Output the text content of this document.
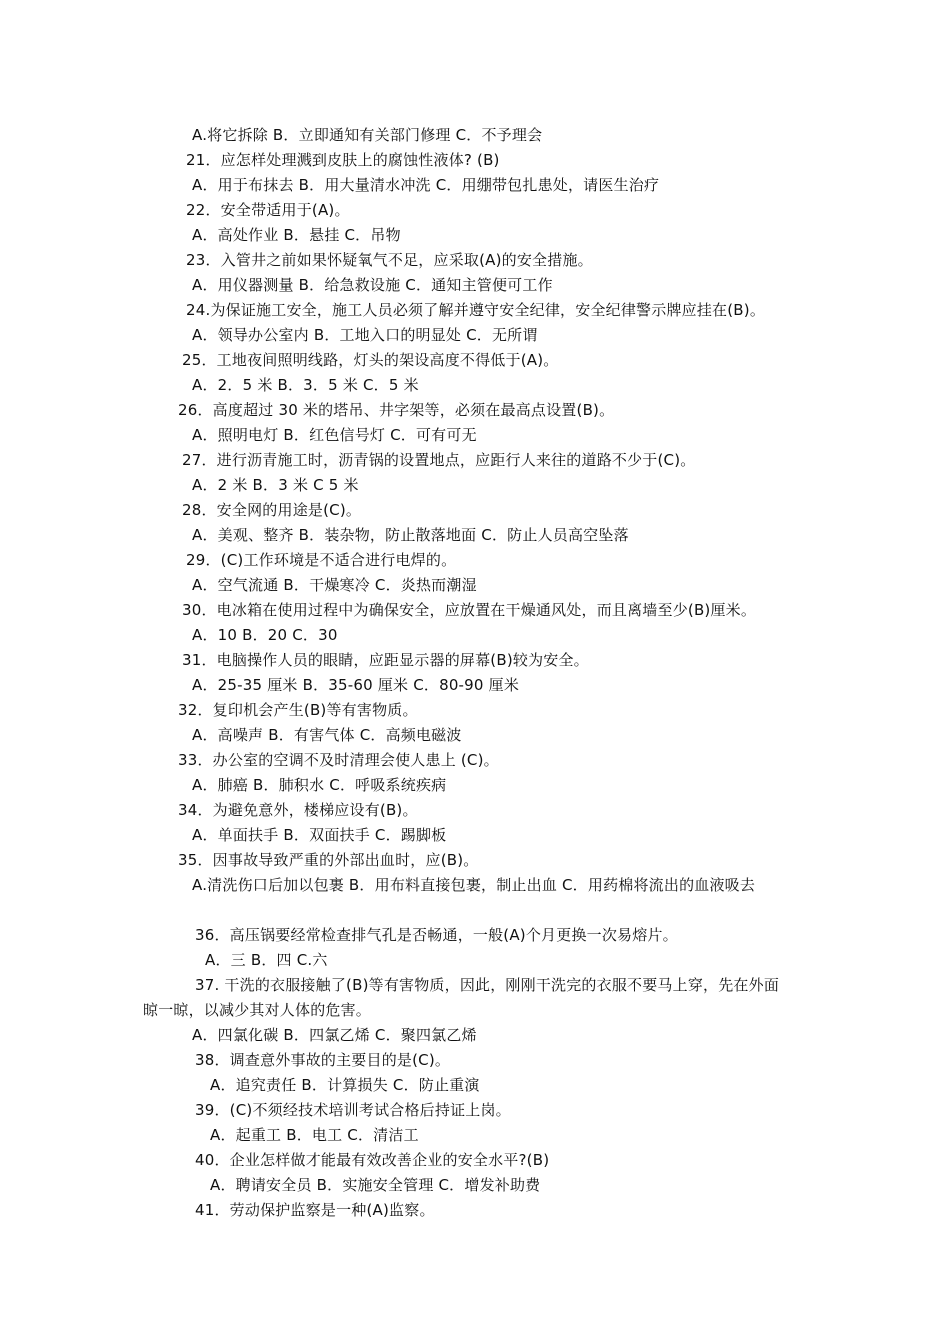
A.将它拆除 B．立即通知有关部门修理 C．不予理会
21．应怎样处理溅到皮肤上的腐蚀性液体? (B)
A．用于布抹去 B．用大量清水冲洗 C．用绷带包扎患处，请医生治疗
22．安全带适用于(A)。
A．高处作业 B．悬挂 C．吊物
23．入管井之前如果怀疑氧气不足，应采取(A)的安全措施。
A．用仪器测量 B．给急救设施 C．通知主管便可工作
24.为保证施工安全，施工人员必须了解并遵守安全纪律，安全纪律警示牌应挂在(B)。
A．领导办公室内 B．工地入口的明显处 C．无所谓
25．工地夜间照明线路，灯头的架设高度不得低于(A)。
A．2．5 米 B．3．5 米 C．5 米
26．高度超过 30 米的塔吊、井字架等，必须在最高点设置(B)。
A．照明电灯 B．红色信号灯 C．可有可无
27．进行沥青施工时，沥青锅的设置地点，应距行人来往的道路不少于(C)。
A．2 米 B．3 米 C 5 米
28．安全网的用途是(C)。
A．美观、整齐 B．装杂物，防止散落地面 C．防止人员高空坠落
29．(C)工作环境是不适合进行电焊的。
A．空气流通 B．干燥寒冷 C．炎热而潮湿
30．电冰箱在使用过程中为确保安全，应放置在干燥通风处，而且离墙至少(B)厘米。
A．10 B．20 C．30
31．电脑操作人员的眼睛，应距显示器的屏幕(B)较为安全。
A．25-35 厘米 B．35-60 厘米 C．80-90 厘米
32．复印机会产生(B)等有害物质。
A．高噪声 B．有害气体 C．高频电磁波
33．办公室的空调不及时清理会使人患上 (C)。
A．肺癌 B．肺积水 C．呼吸系统疾病
34．为避免意外，楼梯应设有(B)。
A．单面扶手 B．双面扶手 C．踢脚板
35．因事故导致严重的外部出血时，应(B)。
A.清洗伤口后加以包裹 B．用布料直接包裹，制止出血 C．用药棉将流出的血液吸去
36．高压锅要经常检查排气孔是否畅通，一般(A)个月更换一次易熔片。
A．三 B．四 C.六
37. 干洗的衣服接触了(B)等有害物质，因此，刚刚干洗完的衣服不要马上穿，先在外面
晾一晾，以减少其对人体的危害。
A．四氯化碳 B．四氯乙烯 C．聚四氯乙烯
38．调查意外事故的主要目的是(C)。
A．追究责任 B．计算损失 C．防止重演
39．(C)不须经技术培训考试合格后持证上岗。
A．起重工 B．电工 C．清洁工
40．企业怎样做才能最有效改善企业的安全水平?(B)
A．聘请安全员 B．实施安全管理 C．增发补助费
41．劳动保护监察是一种(A)监察。
